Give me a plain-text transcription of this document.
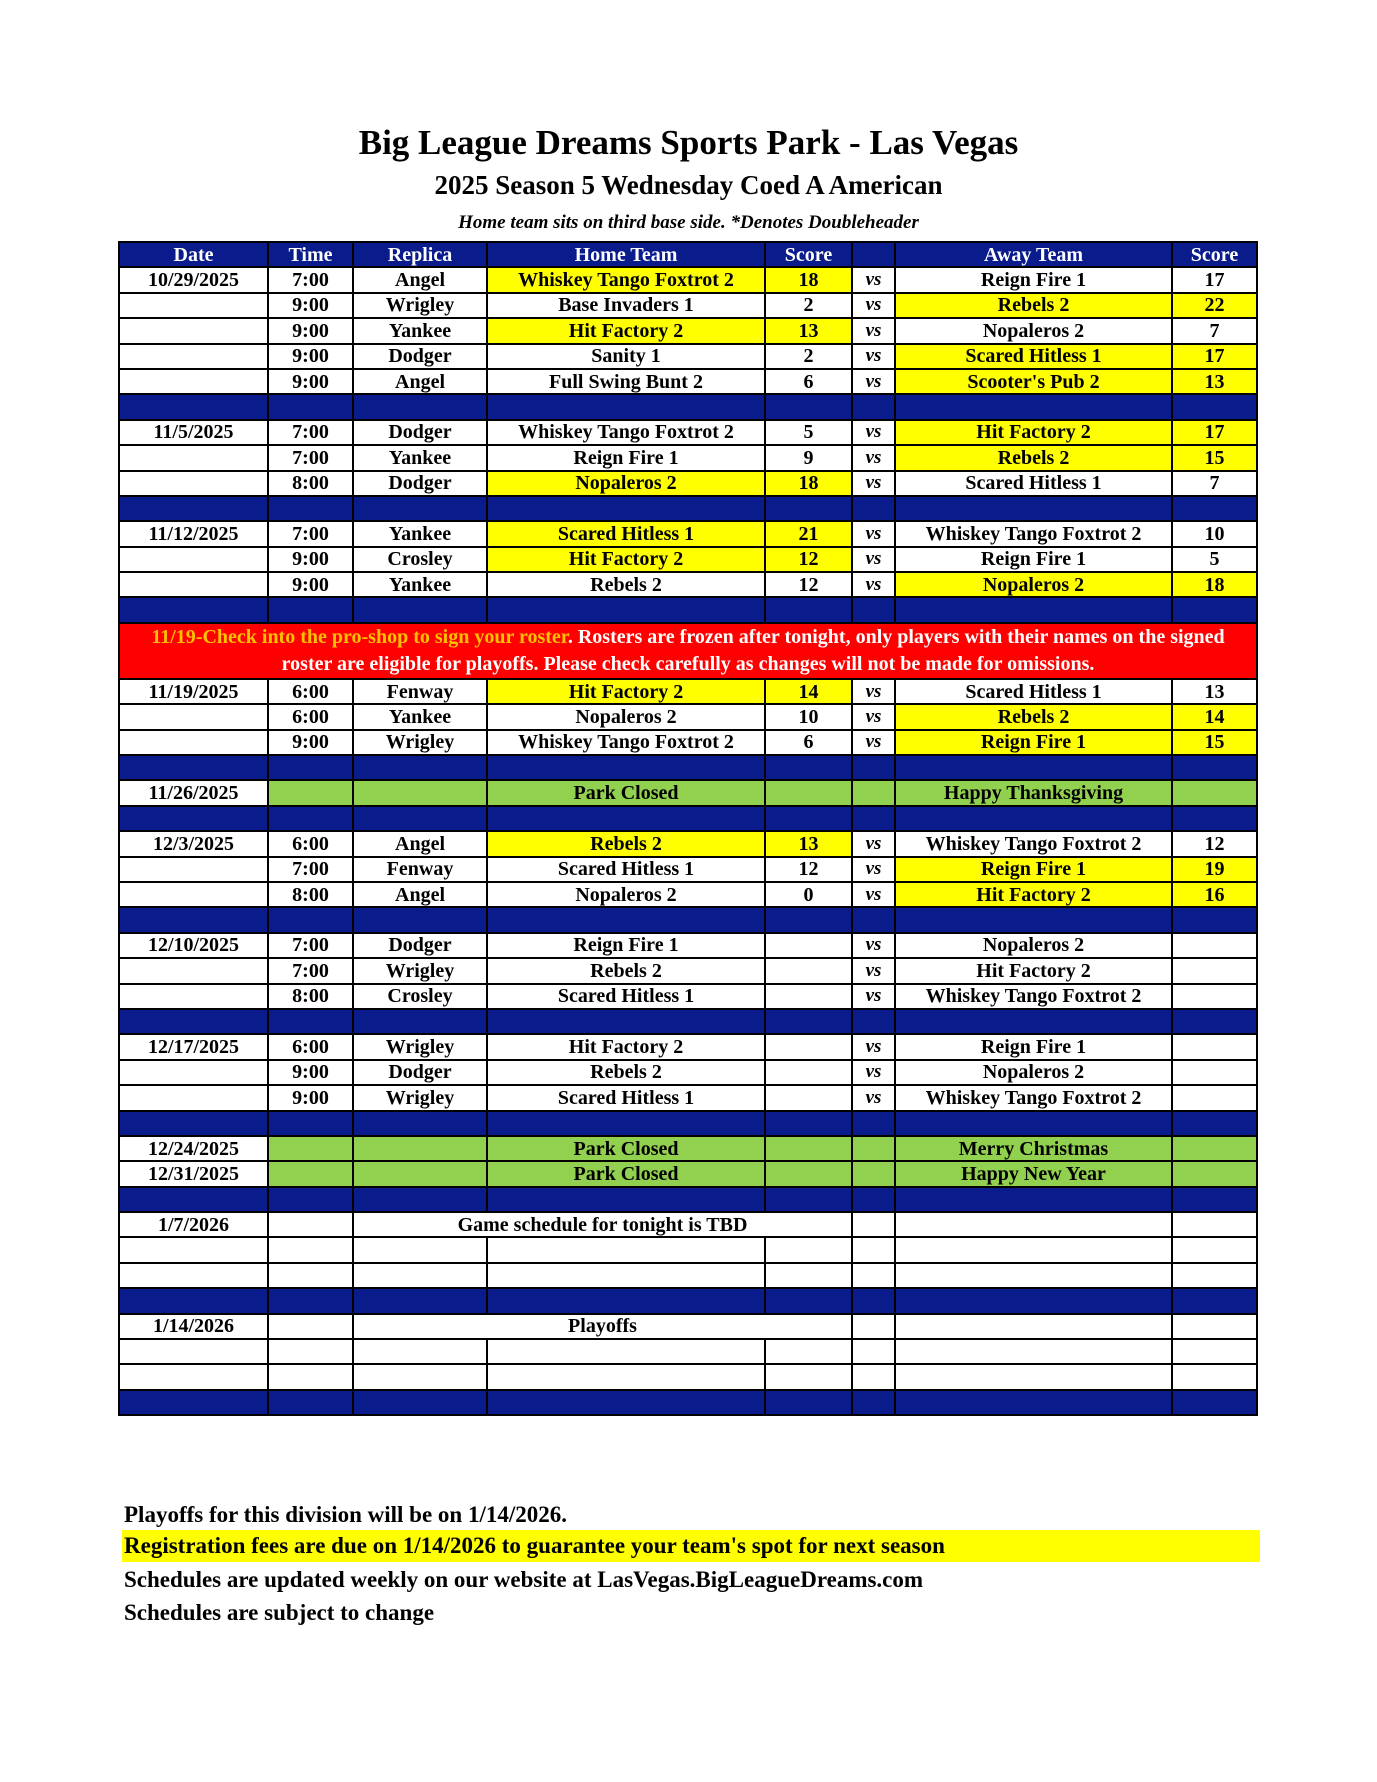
Big League Dreams Sports Park - Las Vegas
2025 Season 5 Wednesday Coed A American
Home team sits on third base side. *Denotes Doubleheader
Date	Time	Replica	Home Team	Score		Away Team	Score
10/29/2025	7:00	Angel	Whiskey Tango Foxtrot 2	18	vs	Reign Fire 1	17
	9:00	Wrigley	Base Invaders 1	2	vs	Rebels 2	22
	9:00	Yankee	Hit Factory 2	13	vs	Nopaleros 2	7
	9:00	Dodger	Sanity 1	2	vs	Scared Hitless 1	17
	9:00	Angel	Full Swing Bunt 2	6	vs	Scooter's Pub 2	13

11/5/2025	7:00	Dodger	Whiskey Tango Foxtrot 2	5	vs	Hit Factory 2	17
	7:00	Yankee	Reign Fire 1	9	vs	Rebels 2	15
	8:00	Dodger	Nopaleros 2	18	vs	Scared Hitless 1	7

11/12/2025	7:00	Yankee	Scared Hitless 1	21	vs	Whiskey Tango Foxtrot 2	10
	9:00	Crosley	Hit Factory 2	12	vs	Reign Fire 1	5
	9:00	Yankee	Rebels 2	12	vs	Nopaleros 2	18

11/19-Check into the pro-shop to sign your roster. Rosters are frozen after tonight, only players with their names on the signed roster are eligible for playoffs. Please check carefully as changes will not be made for omissions.							
11/19/2025	6:00	Fenway	Hit Factory 2	14	vs	Scared Hitless 1	13
	6:00	Yankee	Nopaleros 2	10	vs	Rebels 2	14
	9:00	Wrigley	Whiskey Tango Foxtrot 2	6	vs	Reign Fire 1	15

11/26/2025			Park Closed			Happy Thanksgiving	

12/3/2025	6:00	Angel	Rebels 2	13	vs	Whiskey Tango Foxtrot 2	12
	7:00	Fenway	Scared Hitless 1	12	vs	Reign Fire 1	19
	8:00	Angel	Nopaleros 2	0	vs	Hit Factory 2	16

12/10/2025	7:00	Dodger	Reign Fire 1		vs	Nopaleros 2	
	7:00	Wrigley	Rebels 2		vs	Hit Factory 2	
	8:00	Crosley	Scared Hitless 1		vs	Whiskey Tango Foxtrot 2	

12/17/2025	6:00	Wrigley	Hit Factory 2		vs	Reign Fire 1	
	9:00	Dodger	Rebels 2		vs	Nopaleros 2	
	9:00	Wrigley	Scared Hitless 1		vs	Whiskey Tango Foxtrot 2	

12/24/2025			Park Closed			Merry Christmas	
12/31/2025			Park Closed			Happy New Year	

1/7/2026		Game schedule for tonight is TBD					

1/14/2026		Playoffs					

Playoffs for this division will be on 1/14/2026.
Registration fees are due on 1/14/2026 to guarantee your team's spot for next season
Schedules are updated weekly on our website at LasVegas.BigLeagueDreams.com
Schedules are subject to change
